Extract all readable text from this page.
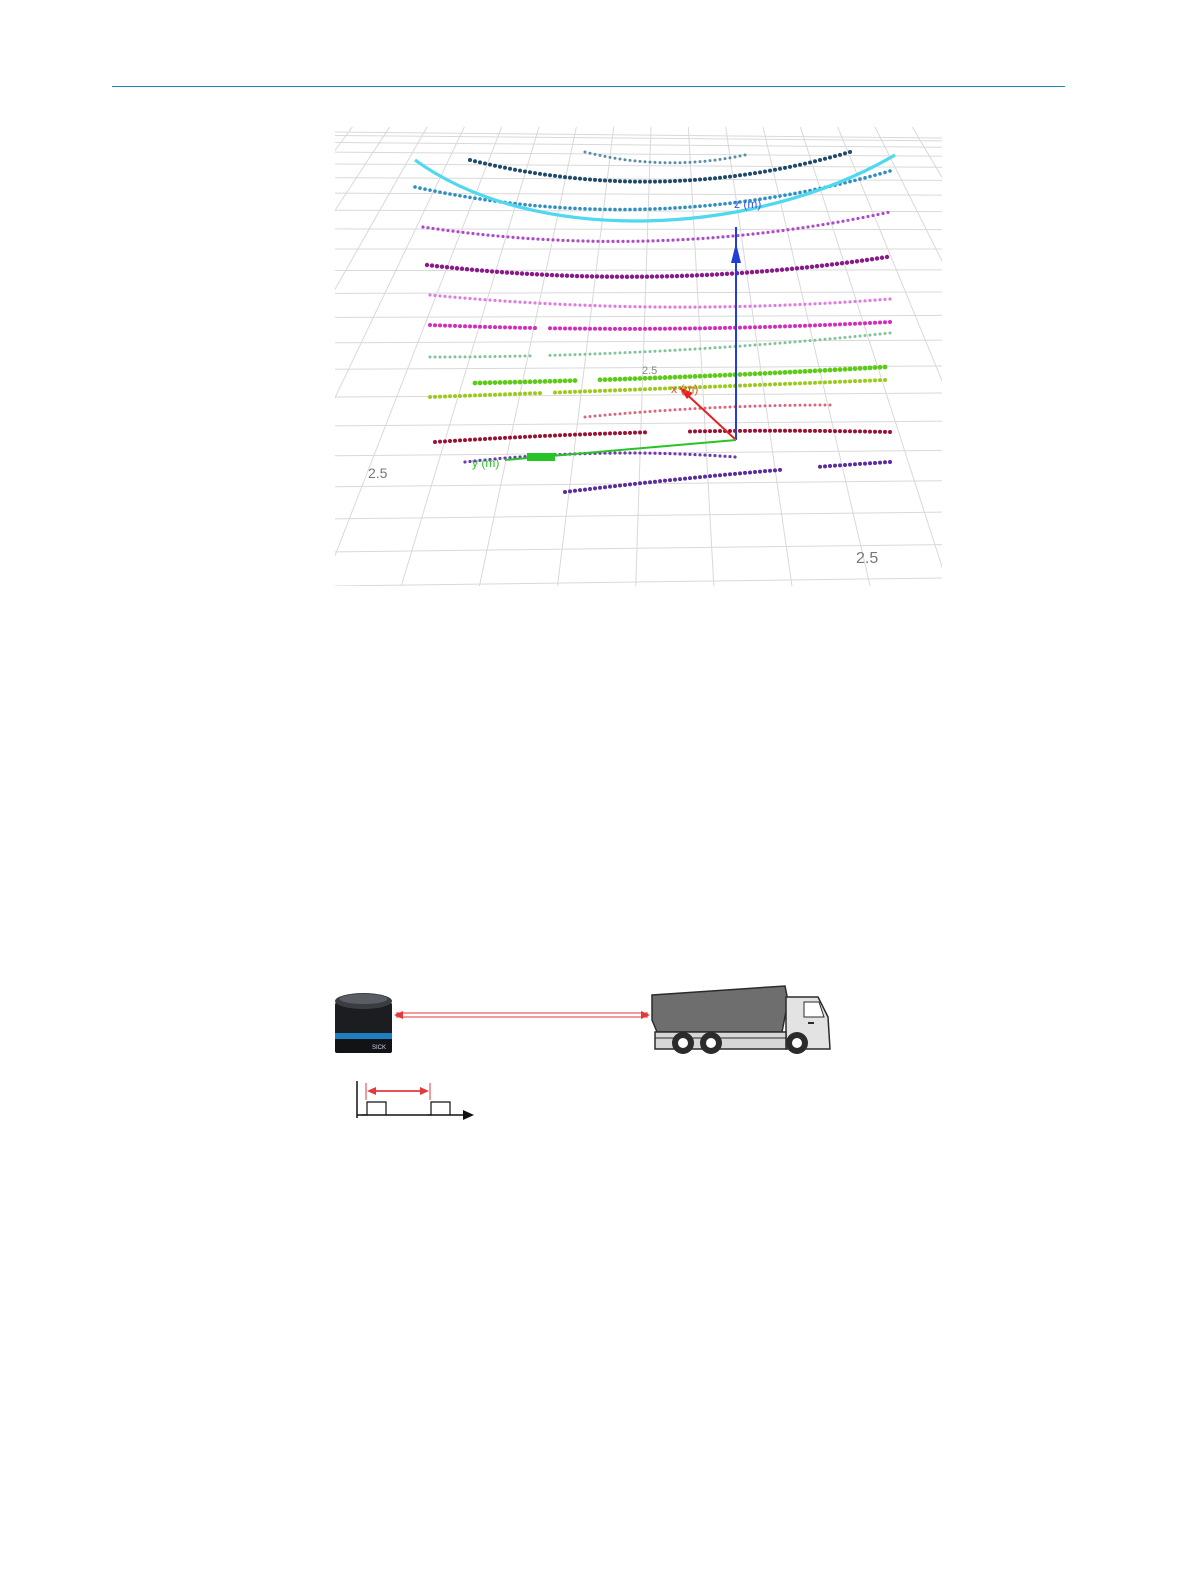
z (m)
x (m)
y (m)
2.5
2.5
2.5
SICK
